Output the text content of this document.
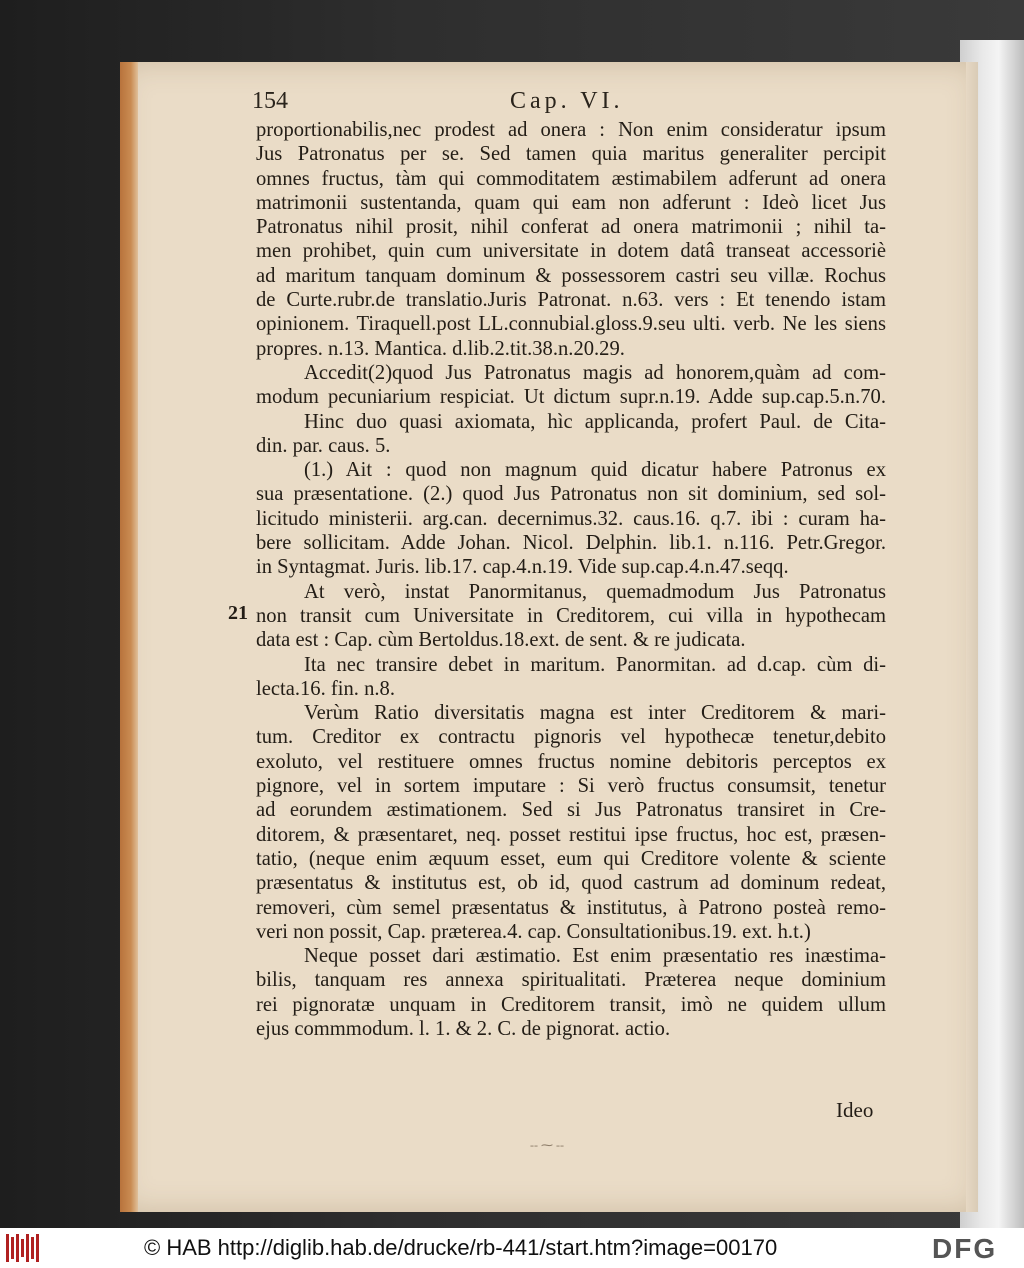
154	Cap. VI.
21
proportionabilis,nec prodest ad onera : Non enim consideratur ipsum
Jus Patronatus per se. Sed tamen quia maritus generaliter percipit
omnes fructus, tàm qui commoditatem æstimabilem adferunt ad onera
matrimonii sustentanda, quam qui eam non adferunt : Ideò licet Jus
Patronatus nihil prosit, nihil conferat ad onera matrimonii ; nihil ta-
men prohibet, quin cum universitate in dotem datâ transeat accessoriè
ad maritum tanquam dominum & possessorem castri seu villæ. Rochus
de Curte.rubr.de translatio.Juris Patronat. n.63. vers : Et tenendo istam
opinionem. Tiraquell.post LL.connubial.gloss.9.seu ulti. verb. Ne les siens
propres. n.13. Mantica. d.lib.2.tit.38.n.20.29.
Accedit(2)quod Jus Patronatus magis ad honorem,quàm ad com-
modum pecuniarium respiciat. Ut dictum supr.n.19. Adde sup.cap.5.n.70.
Hinc duo quasi axiomata, hìc applicanda, profert Paul. de Cita-
din. par. caus. 5.
(1.) Ait : quod non magnum quid dicatur habere Patronus ex
sua præsentatione. (2.) quod Jus Patronatus non sit dominium, sed sol-
licitudo ministerii. arg.can. decernimus.32. caus.16. q.7. ibi : curam ha-
bere sollicitam. Adde Johan. Nicol. Delphin. lib.1. n.116. Petr.Gregor.
in Syntagmat. Juris. lib.17. cap.4.n.19. Vide sup.cap.4.n.47.seqq.
At verò, instat Panormitanus, quemadmodum Jus Patronatus
non transit cum Universitate in Creditorem, cui villa in hypothecam
data est : Cap. cùm Bertoldus.18.ext. de sent. & re judicata.
Ita nec transire debet in maritum. Panormitan. ad d.cap. cùm di-
lecta.16. fin. n.8.
Verùm Ratio diversitatis magna est inter Creditorem & mari-
tum. Creditor ex contractu pignoris vel hypothecæ tenetur,debito
exoluto, vel restituere omnes fructus nomine debitoris perceptos ex
pignore, vel in sortem imputare : Si verò fructus consumsit, tenetur
ad eorundem æstimationem. Sed si Jus Patronatus transiret in Cre-
ditorem, & præsentaret, neq. posset restitui ipse fructus, hoc est, præsen-
tatio, (neque enim æquum esset, eum qui Creditore volente & sciente
præsentatus & institutus est, ob id, quod castrum ad dominum redeat,
removeri, cùm semel præsentatus & institutus, à Patrono posteà remo-
veri non possit, Cap. præterea.4. cap. Consultationibus.19. ext. h.t.)
Neque posset dari æstimatio. Est enim præsentatio res inæstima-
bilis, tanquam res annexa spiritualitati. Præterea neque dominium
rei pignoratæ unquam in Creditorem transit, imò ne quidem ullum
ejus commmodum. l. 1. & 2. C. de pignorat. actio.
Ideo
-- ⁓ --
© HAB http://diglib.hab.de/drucke/rb-441/start.htm?image=00170	DFG
